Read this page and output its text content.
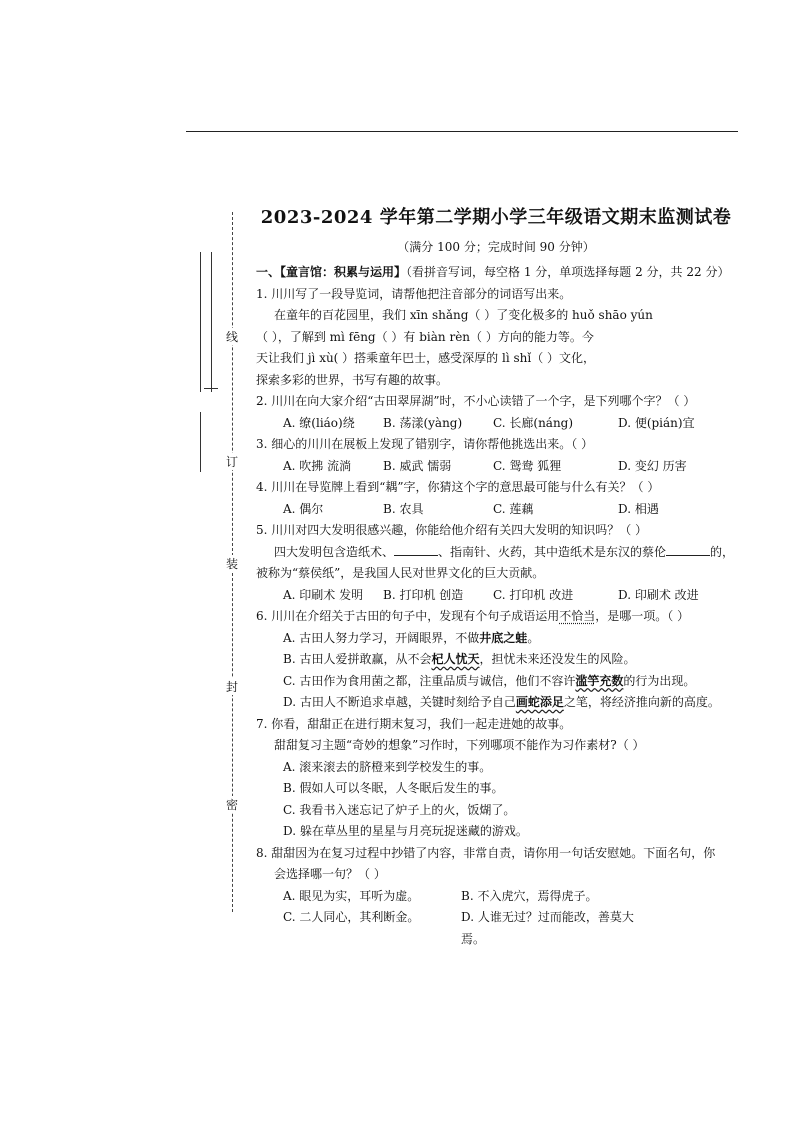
线
订
装
封
密
2023-2024 学年第二学期小学三年级语文期末监测试卷
（满分 100 分；完成时间 90 分钟）

一、【童言馆：积累与运用】（看拼音写词，每空格 1 分，单项选择每题 2 分，共 22 分）

1. 川川写了一段导览词，请帮他把注音部分的词语写出来。

在童年的百花园里，我们 xīn shǎng（ ）了变化极多的 huǒ shāo yún

（ ），了解到 mì fēng（ ）有 biàn rèn（ ）方向的能力等。今

天让我们 jì xù( ）搭乘童年巴士，感受深厚的 lì shǐ（ ）文化，

探索多彩的世界，书写有趣的故事。

2. 川川在向大家介绍“古田翠屏湖”时，不小心读错了一个字，是下列哪个字？（ ）

A. 缭(liáo)绕	B. 荡漾(yàng)	C. 长廊(náng)	D. 便(pián)宜

3. 细心的川川在展板上发现了错别字，请你帮他挑选出来。（ ）

A. 吹拂 流淌	B. 威武 懦弱	C. 鸳鸯 狐狸	D. 变幻 历害

4. 川川在导览牌上看到“耦”字，你猜这个字的意思最可能与什么有关？（ ）

A. 偶尔	B. 农具	C. 莲藕	D. 相遇

5. 川川对四大发明很感兴趣，你能给他介绍有关四大发明的知识吗？（ ）

四大发明包含造纸术、	、指南针、火药，其中造纸术是东汉的蔡伦	的，

被称为“蔡侯纸”，是我国人民对世界文化的巨大贡献。

A. 印刷术 发明	B. 打印机 创造	C. 打印机 改进	D. 印刷术 改进

6. 川川在介绍关于古田的句子中，发现有个句子成语运用不恰当，是哪一项。（ ）

A. 古田人努力学习，开阔眼界，不做井底之蛙。

B. 古田人爱拼敢赢，从不会杞人忧天，担忧未来还没发生的风险。

C. 古田作为食用菌之都，注重品质与诚信，他们不容许滥竽充数的行为出现。

D. 古田人不断追求卓越，关键时刻给予自己画蛇添足之笔，将经济推向新的高度。

7. 你看，甜甜正在进行期末复习，我们一起走进她的故事。

甜甜复习主题“奇妙的想象”习作时，下列哪项不能作为习作素材?（ ）

A. 滚来滚去的脐橙来到学校发生的事。

B. 假如人可以冬眠，人冬眠后发生的事。

C. 我看书入迷忘记了炉子上的火，饭煳了。

D. 躲在草丛里的星星与月亮玩捉迷藏的游戏。

8. 甜甜因为在复习过程中抄错了内容，非常自责，请你用一句话安慰她。下面名句，你

会选择哪一句？（ ）

A. 眼见为实，耳听为虚。	B. 不入虎穴，焉得虎子。
C. 二人同心，其利断金。	D. 人谁无过？过而能改，善莫大焉。
